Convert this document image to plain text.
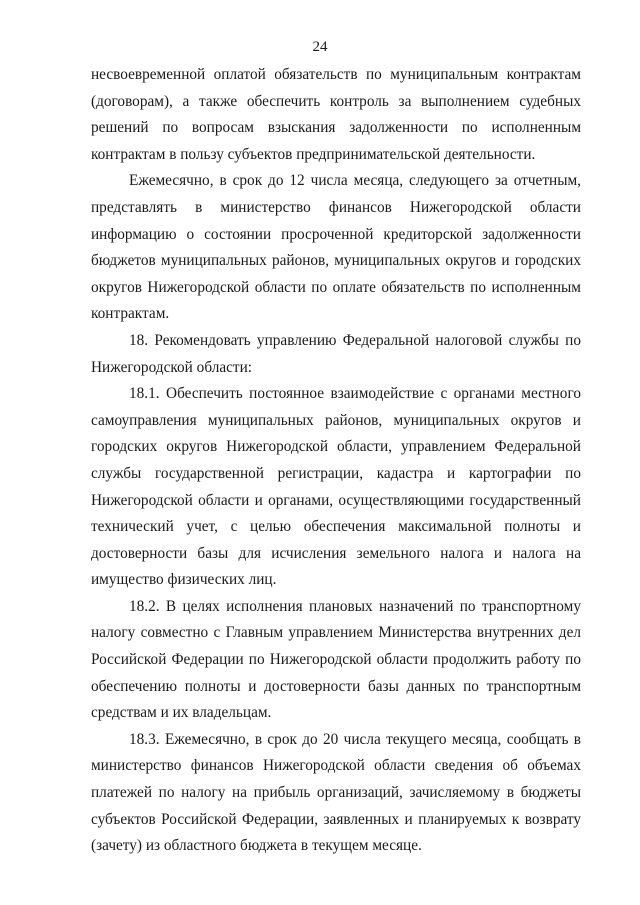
24

несвоевременной оплатой обязательств по муниципальным контрактам (договорам), а также обеспечить контроль за выполнением судебных решений по вопросам взыскания задолженности по исполненным контрактам в пользу субъектов предпринимательской деятельности.

Ежемесячно, в срок до 12 числа месяца, следующего за отчетным, представлять в министерство финансов Нижегородской области информацию о состоянии просроченной кредиторской задолженности бюджетов муниципальных районов, муниципальных округов и городских округов Нижегородской области по оплате обязательств по исполненным контрактам.

18. Рекомендовать управлению Федеральной налоговой службы по Нижегородской области:

18.1. Обеспечить постоянное взаимодействие с органами местного самоуправления муниципальных районов, муниципальных округов и городских округов Нижегородской области, управлением Федеральной службы государственной регистрации, кадастра и картографии по Нижегородской области и органами, осуществляющими государственный технический учет, с целью обеспечения максимальной полноты и достоверности базы для исчисления земельного налога и налога на имущество физических лиц.

18.2. В целях исполнения плановых назначений по транспортному налогу совместно с Главным управлением Министерства внутренних дел Российской Федерации по Нижегородской области продолжить работу по обеспечению полноты и достоверности базы данных по транспортным средствам и их владельцам.

18.3. Ежемесячно, в срок до 20 числа текущего месяца, сообщать в министерство финансов Нижегородской области сведения об объемах платежей по налогу на прибыль организаций, зачисляемому в бюджеты субъектов Российской Федерации, заявленных и планируемых к возврату (зачету) из областного бюджета в текущем месяце.
